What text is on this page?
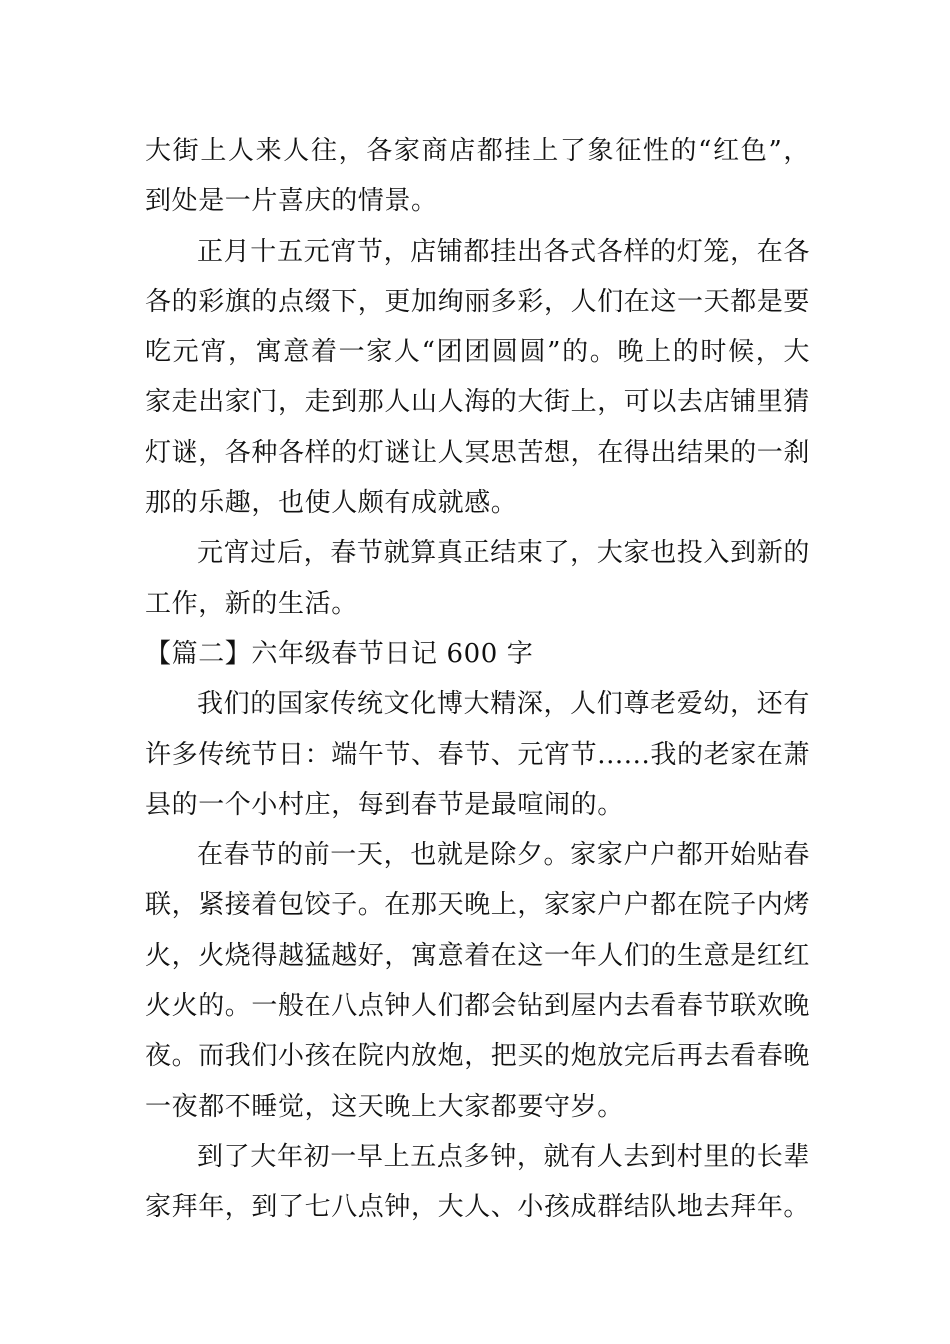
大街上人来人往，各家商店都挂上了象征性的“红色”，到处是一片喜庆的情景。

正月十五元宵节，店铺都挂出各式各样的灯笼，在各各的彩旗的点缀下，更加绚丽多彩，人们在这一天都是要吃元宵，寓意着一家人“团团圆圆”的。晚上的时候，大家走出家门，走到那人山人海的大街上，可以去店铺里猜灯谜，各种各样的灯谜让人冥思苦想，在得出结果的一刹那的乐趣，也使人颇有成就感。

元宵过后，春节就算真正结束了，大家也投入到新的工作，新的生活。

【篇二】六年级春节日记 600 字

我们的国家传统文化博大精深，人们尊老爱幼，还有许多传统节日：端午节、春节、元宵节......我的老家在萧县的一个小村庄，每到春节是最喧闹的。

在春节的前一天，也就是除夕。家家户户都开始贴春联，紧接着包饺子。在那天晚上，家家户户都在院子内烤火，火烧得越猛越好，寓意着在这一年人们的生意是红红火火的。一般在八点钟人们都会钻到屋内去看春节联欢晚夜。而我们小孩在院内放炮，把买的炮放完后再去看春晚一夜都不睡觉，这天晚上大家都要守岁。

到了大年初一早上五点多钟，就有人去到村里的长辈家拜年，到了七八点钟，大人、小孩成群结队地去拜年。
